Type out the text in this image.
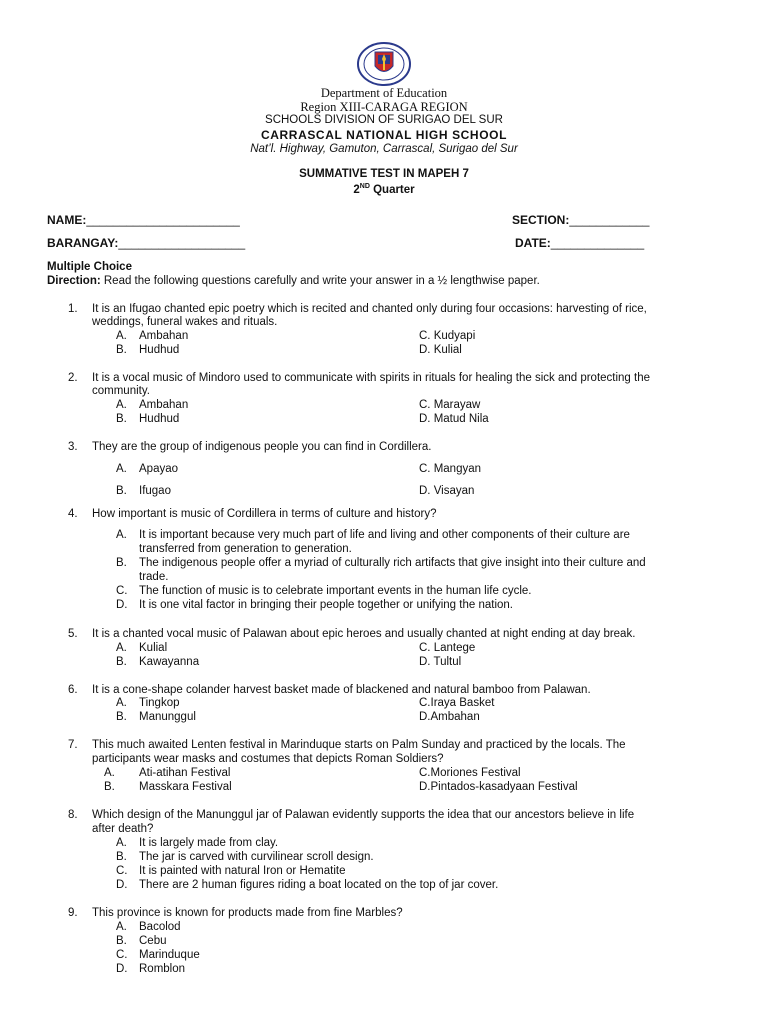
Department of Education
Region XIII-CARAGA REGION
SCHOOLS DIVISION OF SURIGAO DEL SUR
CARRASCAL NATIONAL HIGH SCHOOL
Nat’l. Highway, Gamuton, Carrascal, Surigao del Sur
SUMMATIVE TEST IN MAPEH 7
2ND Quarter
NAME:_______________________	SECTION:____________
BARANGAY:___________________	DATE:______________
Multiple Choice
Direction: Read the following questions carefully and write your answer in a ½ lengthwise paper.
1. It is an Ifugao chanted epic poetry which is recited and chanted only during four occasions: harvesting of rice,
weddings, funeral wakes and rituals.
A. Ambahan
B. Hudhud
C. Kudyapi
D. Kulial
2. It is a vocal music of Mindoro used to communicate with spirits in rituals for healing the sick and protecting the
community.
A. Ambahan
B. Hudhud
C. Marayaw
D. Matud Nila
3. They are the group of indigenous people you can find in Cordillera.
A. Apayao
B. Ifugao
C. Mangyan
D. Visayan
4. How important is music of Cordillera in terms of culture and history?
A. It is important because very much part of life and living and other components of their culture are
transferred from generation to generation.
B. The indigenous people offer a myriad of culturally rich artifacts that give insight into their culture and
trade.
C. The function of music is to celebrate important events in the human life cycle.
D. It is one vital factor in bringing their people together or unifying the nation.
5. It is a chanted vocal music of Palawan about epic heroes and usually chanted at night ending at day break.
A. Kulial
B. Kawayanna
C. Lantege
D. Tultul
6. It is a cone-shape colander harvest basket made of blackened and natural bamboo from Palawan.
A. Tingkop
B. Manunggul
C.Iraya Basket
D.Ambahan
7. This much awaited Lenten festival in Marinduque starts on Palm Sunday and practiced by the locals. The
participants wear masks and costumes that depicts Roman Soldiers?
A. Ati-atihan Festival
B. Masskara Festival
C.Moriones Festival
D.Pintados-kasadyaan Festival
8. Which design of the Manunggul jar of Palawan evidently supports the idea that our ancestors believe in life
after death?
A. It is largely made from clay.
B. The jar is carved with curvilinear scroll design.
C. It is painted with natural Iron or Hematite
D. There are 2 human figures riding a boat located on the top of jar cover.
9. This province is known for products made from fine Marbles?
A. Bacolod
B. Cebu
C. Marinduque
D. Romblon
